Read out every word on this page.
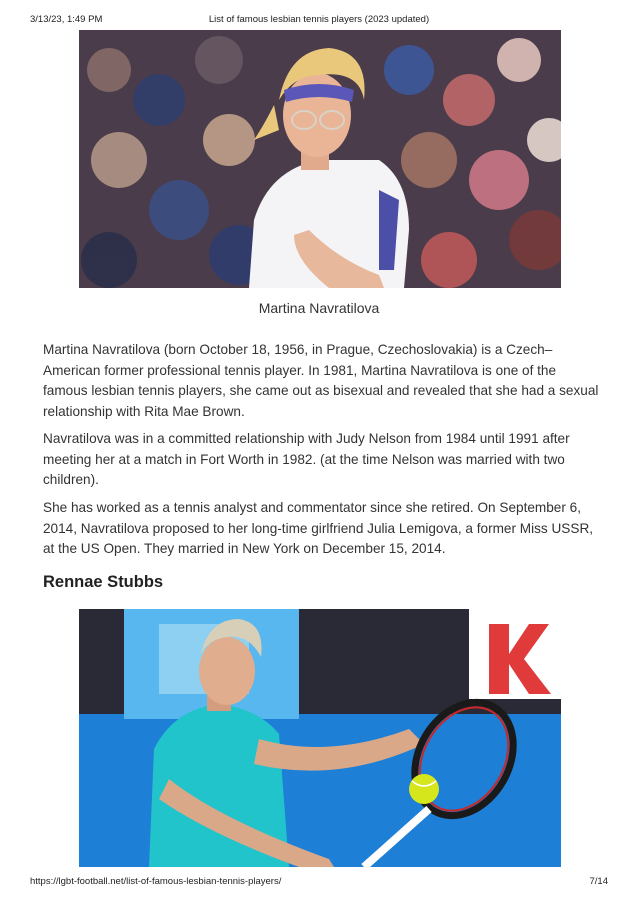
3/13/23, 1:49 PM	List of famous lesbian tennis players (2023 updated)
Martina Navratilova

Martina Navratilova (born October 18, 1956, in Prague, Czechoslovakia) is a Czech–American former professional tennis player. In 1981, Martina Navratilova is one of the famous lesbian tennis players, she came out as bisexual and revealed that she had a sexual relationship with Rita Mae Brown.

Navratilova was in a committed relationship with Judy Nelson from 1984 until 1991 after meeting her at a match in Fort Worth in 1982. (at the time Nelson was married with two children).

She has worked as a tennis analyst and commentator since she retired. On September 6, 2014, Navratilova proposed to her long-time girlfriend Julia Lemigova, a former Miss USSR, at the US Open. They married in New York on December 15, 2014.

Rennae Stubbs
https://lgbt-football.net/list-of-famous-lesbian-tennis-players/	7/14
